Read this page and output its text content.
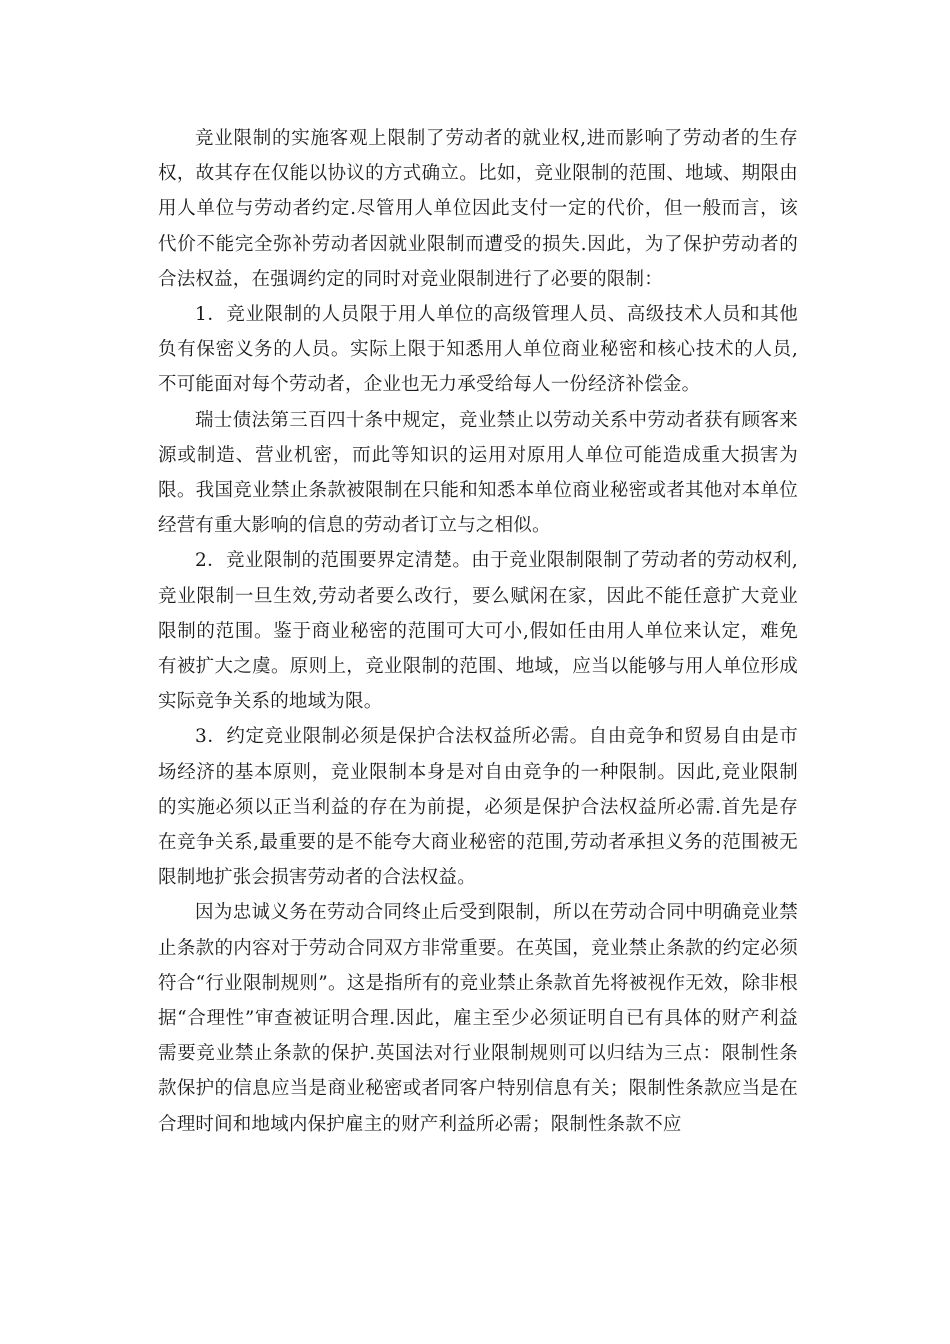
竞业限制的实施客观上限制了劳动者的就业权,进而影响了劳动者的生存权，故其存在仅能以协议的方式确立。比如，竞业限制的范围、地域、期限由用人单位与劳动者约定.尽管用人单位因此支付一定的代价，但一般而言，该代价不能完全弥补劳动者因就业限制而遭受的损失.因此，为了保护劳动者的合法权益，在强调约定的同时对竞业限制进行了必要的限制：

1．竞业限制的人员限于用人单位的高级管理人员、高级技术人员和其他负有保密义务的人员。实际上限于知悉用人单位商业秘密和核心技术的人员,不可能面对每个劳动者，企业也无力承受给每人一份经济补偿金。

瑞士债法第三百四十条中规定，竞业禁止以劳动关系中劳动者获有顾客来源或制造、营业机密，而此等知识的运用对原用人单位可能造成重大损害为限。我国竞业禁止条款被限制在只能和知悉本单位商业秘密或者其他对本单位经营有重大影响的信息的劳动者订立与之相似。

2．竞业限制的范围要界定清楚。由于竞业限制限制了劳动者的劳动权利,竞业限制一旦生效,劳动者要么改行，要么赋闲在家，因此不能任意扩大竞业限制的范围。鉴于商业秘密的范围可大可小,假如任由用人单位来认定，难免有被扩大之虞。原则上，竞业限制的范围、地域，应当以能够与用人单位形成实际竞争关系的地域为限。

3．约定竞业限制必须是保护合法权益所必需。自由竞争和贸易自由是市场经济的基本原则，竞业限制本身是对自由竞争的一种限制。因此,竞业限制的实施必须以正当利益的存在为前提，必须是保护合法权益所必需.首先是存在竞争关系,最重要的是不能夸大商业秘密的范围,劳动者承担义务的范围被无限制地扩张会损害劳动者的合法权益。

因为忠诚义务在劳动合同终止后受到限制，所以在劳动合同中明确竞业禁止条款的内容对于劳动合同双方非常重要。在英国，竞业禁止条款的约定必须符合“行业限制规则”。这是指所有的竞业禁止条款首先将被视作无效，除非根据“合理性”审查被证明合理.因此，雇主至少必须证明自已有具体的财产利益需要竞业禁止条款的保护.英国法对行业限制规则可以归结为三点：限制性条款保护的信息应当是商业秘密或者同客户特别信息有关；限制性条款应当是在合理时间和地域内保护雇主的财产利益所必需；限制性条款不应
